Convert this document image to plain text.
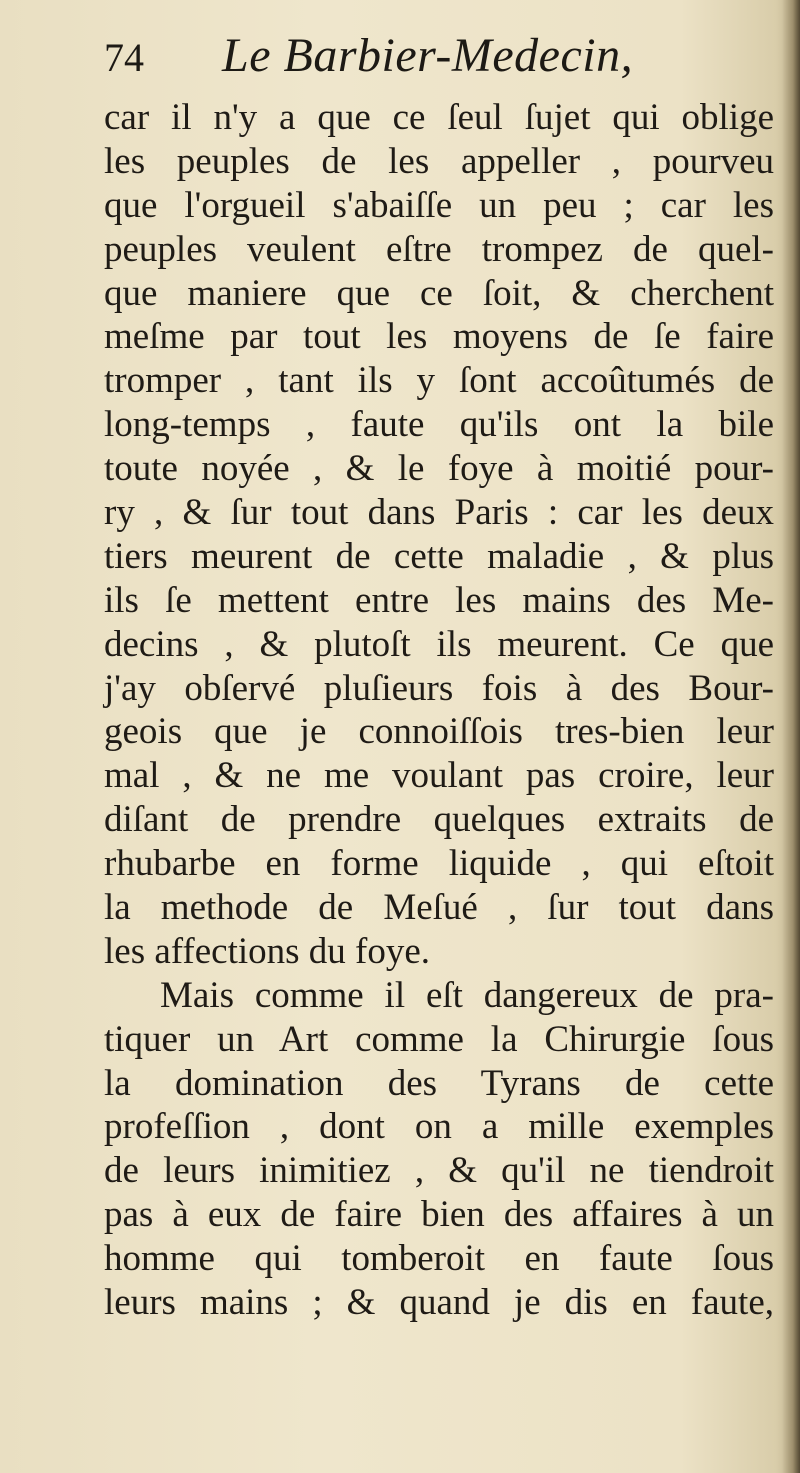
74 Le Barbier-Medecin,
car il n'y a que ce ſeul ſujet qui oblige
les peuples de les appeller , pourveu
que l'orgueil s'abaiſſe un peu ; car les
peuples veulent eſtre trompez de quel-
que maniere que ce ſoit, & cherchent
meſme par tout les moyens de ſe faire
tromper , tant ils y ſont accoûtumés de
long-temps , faute qu'ils ont la bile
toute noyée , & le foye à moitié pour-
ry , & ſur tout dans Paris : car les deux
tiers meurent de cette maladie , & plus
ils ſe mettent entre les mains des Me-
decins , & plutoſt ils meurent. Ce que
j'ay obſervé pluſieurs fois à des Bour-
geois que je connoiſſois tres-bien leur
mal , & ne me voulant pas croire, leur
diſant de prendre quelques extraits de
rhubarbe en forme liquide , qui eſtoit
la methode de Meſué , ſur tout dans
les affections du foye.
Mais comme il eſt dangereux de pra-
tiquer un Art comme la Chirurgie ſous
la domination des Tyrans de cette
profeſſion , dont on a mille exemples
de leurs inimitiez , & qu'il ne tiendroit
pas à eux de faire bien des affaires à un
homme qui tomberoit en faute ſous
leurs mains ; & quand je dis en faute,
